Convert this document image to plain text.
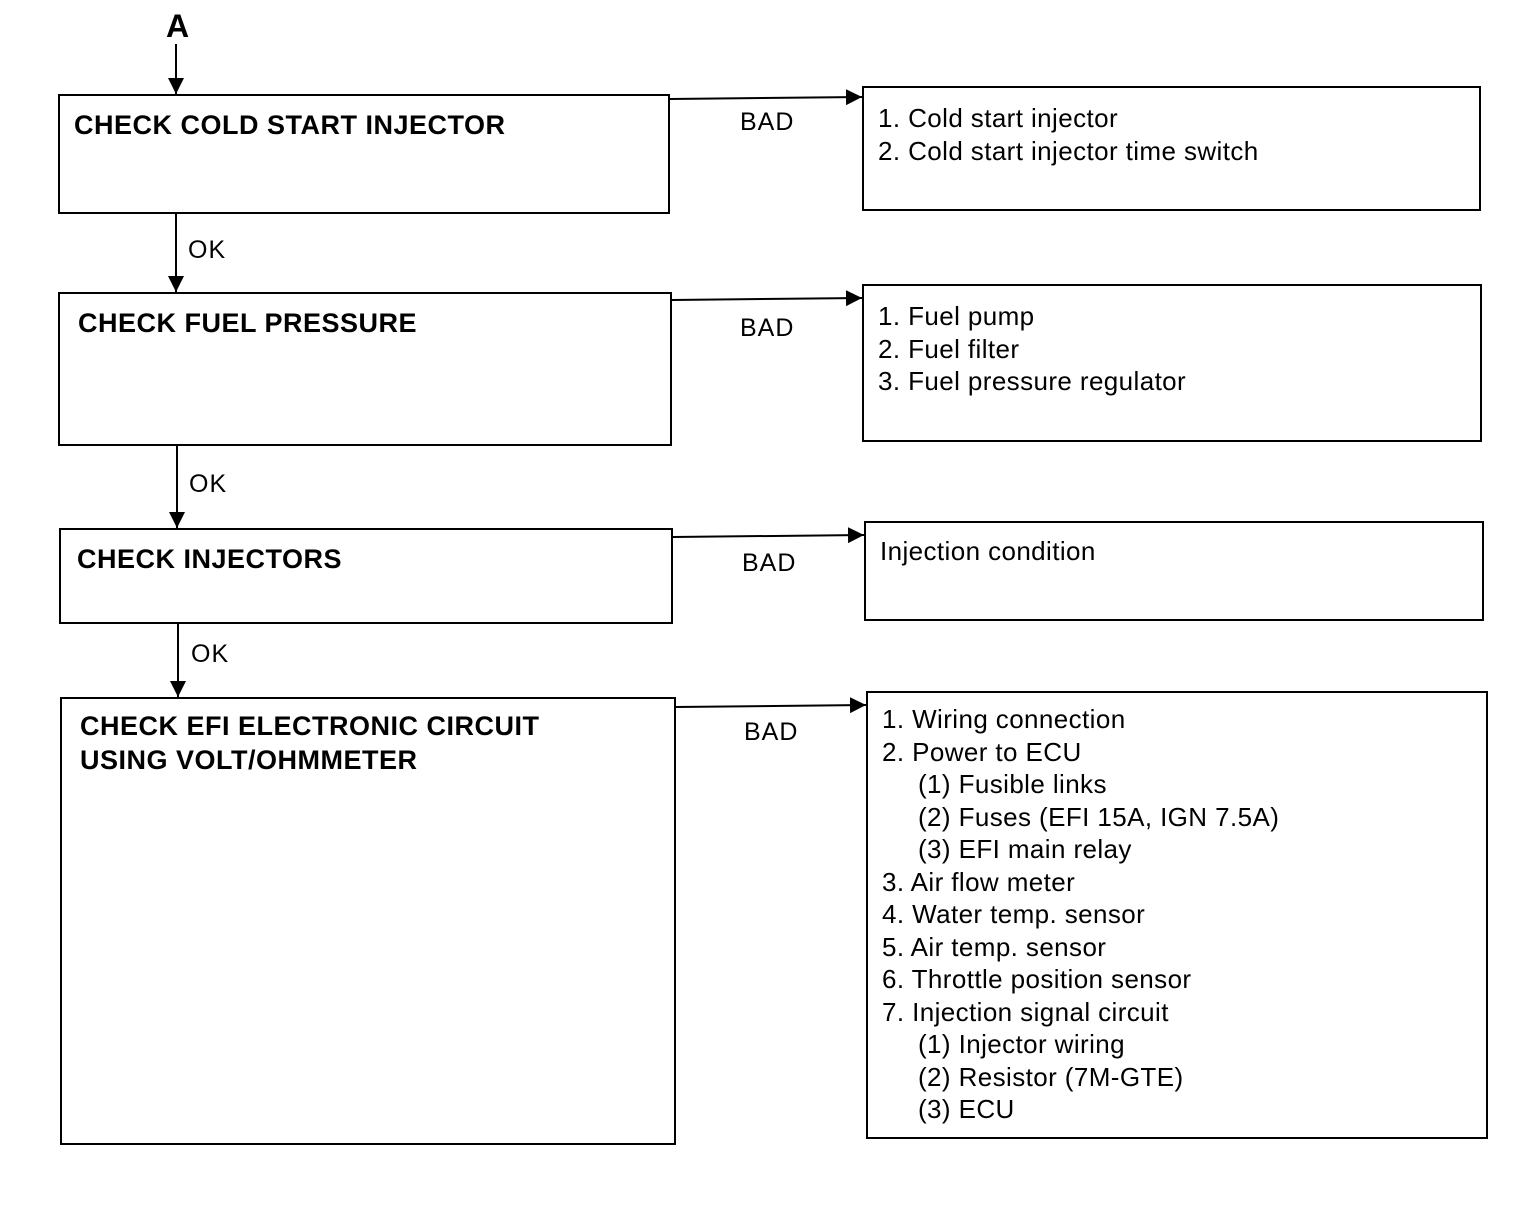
A
CHECK COLD START INJECTOR
CHECK FUEL PRESSURE
CHECK INJECTORS
CHECK EFI ELECTRONIC CIRCUIT
USING VOLT/OHMMETER
OK
OK
OK
BAD
BAD
BAD
BAD
1. Cold start injector
2. Cold start injector time switch
1. Fuel pump
2. Fuel filter
3. Fuel pressure regulator
Injection condition
1. Wiring connection
2. Power to ECU
(1) Fusible links
(2) Fuses (EFI 15A, IGN 7.5A)
(3) EFI main relay
3. Air flow meter
4. Water temp. sensor
5. Air temp. sensor
6. Throttle position sensor
7. Injection signal circuit
(1) Injector wiring
(2) Resistor (7M-GTE)
(3) ECU
